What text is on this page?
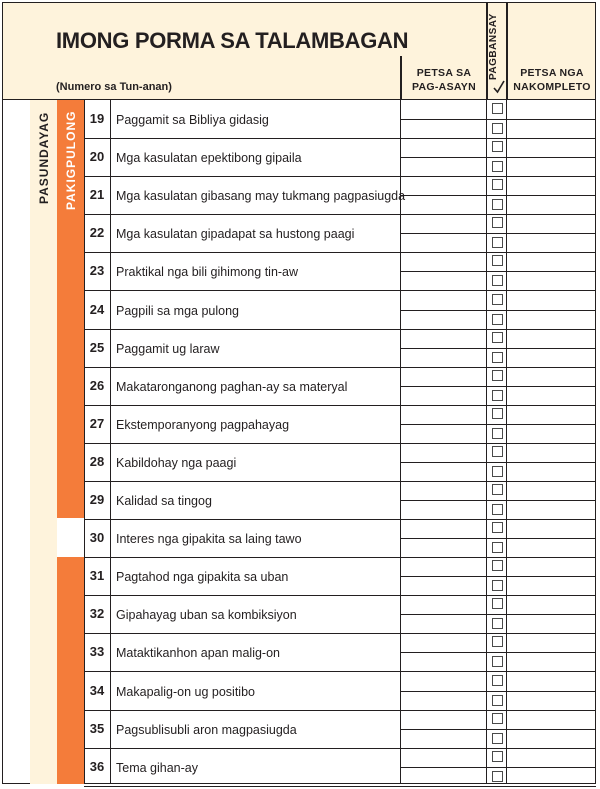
IMONG PORMA SA TALAMBAGAN
(Numero sa Tun-anan)
PETSA SA
PAG-ASAYN
PAGBANSAY	PETSA NGA
NAKOMPLETO
PASUNDAYAG PAKIGPULONG 19 Paggamit sa Bibliya gidasig
20 Mga kasulatan epektibong gipaila
21 Mga kasulatan gibasang may tukmang pagpasiugda
22 Mga kasulatan gipadapat sa hustong paagi
23 Praktikal nga bili gihimong tin-aw
24 Pagpili sa mga pulong
25 Paggamit ug laraw
26 Makataronganong paghan-ay sa materyal
27 Ekstemporanyong pagpahayag
28 Kabildohay nga paagi
29 Kalidad sa tingog
30 Interes nga gipakita sa laing tawo
31 Pagtahod nga gipakita sa uban
32 Gipahayag uban sa kombiksiyon
33 Mataktikanhon apan malig-on
34 Makapalig-on ug positibo
35 Pagsublisubli aron magpasiugda
36 Tema gihan-ay
